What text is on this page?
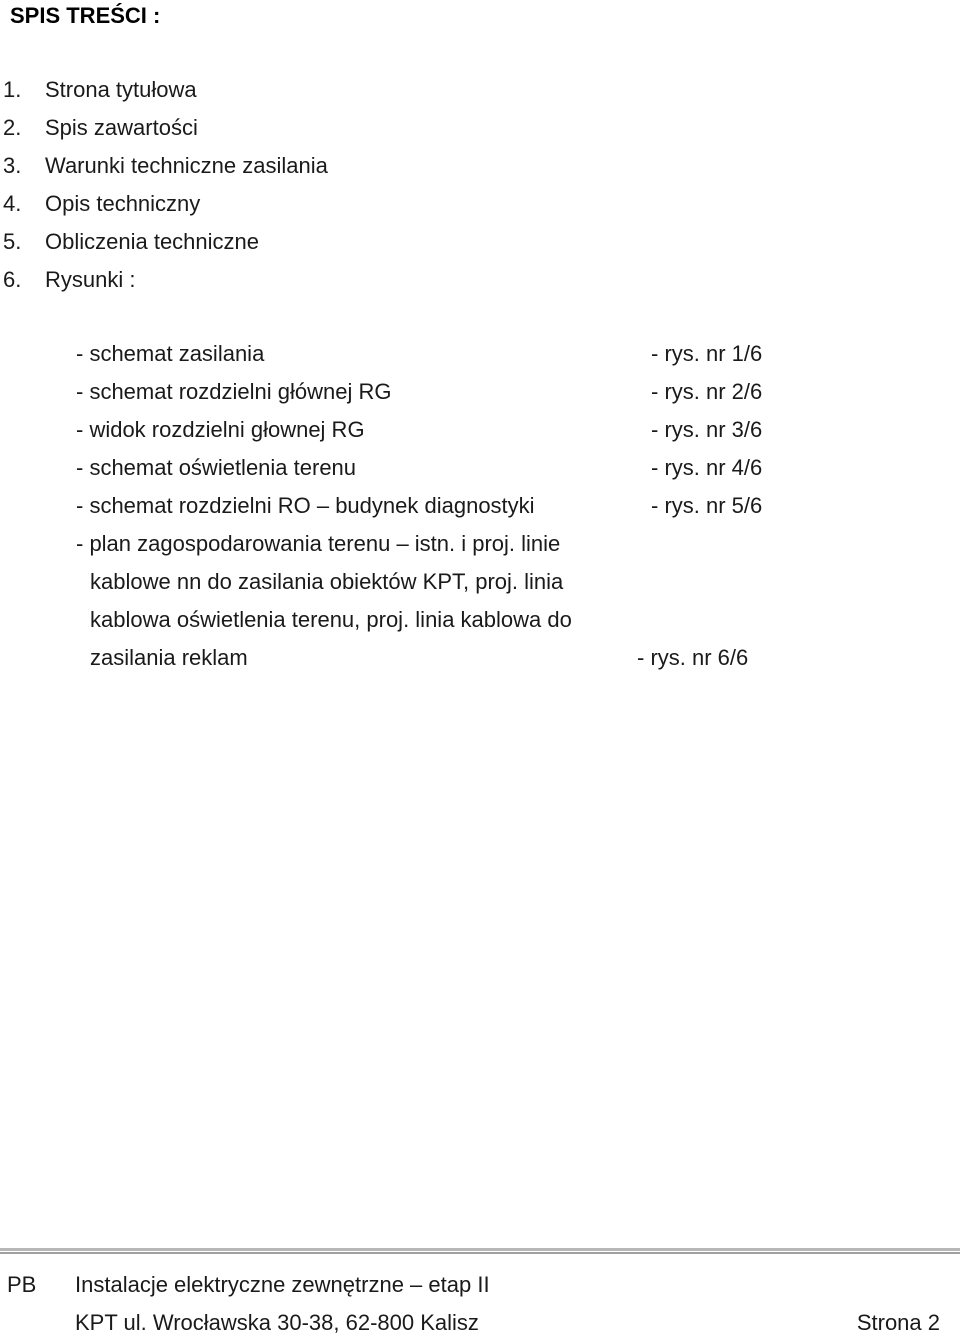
SPIS TREŚCI :
1. Strona tytułowa
2. Spis zawartości
3. Warunki techniczne zasilania
4. Opis techniczny
5. Obliczenia techniczne
6. Rysunki :
- schemat zasilania	- rys. nr 1/6
- schemat rozdzielni głównej RG	- rys. nr 2/6
- widok rozdzielni głownej RG	- rys. nr 3/6
- schemat oświetlenia terenu	- rys. nr 4/6
- schemat rozdzielni RO – budynek diagnostyki	- rys. nr 5/6
- plan zagospodarowania terenu – istn. i proj. linie
kablowe nn do zasilania obiektów KPT, proj. linia
kablowa oświetlenia terenu, proj. linia kablowa do
zasilania reklam	- rys. nr 6/6
PB Instalacje elektryczne zewnętrzne – etap II
KPT ul. Wrocławska 30-38, 62-800 Kalisz	Strona 2
